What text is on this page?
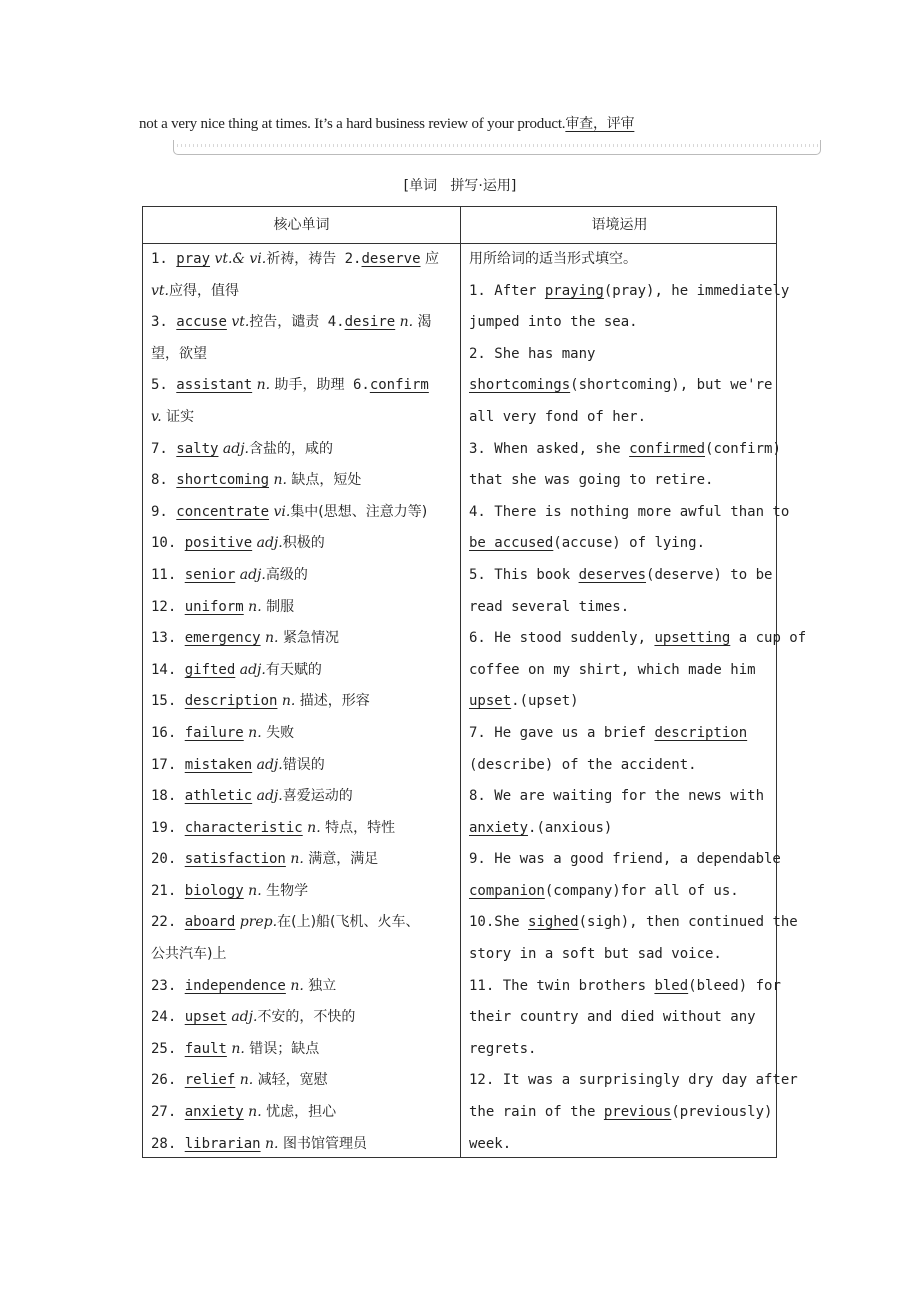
not a very nice thing at times. It’s a hard business review of your product.审查，评审
[单词   拼写·运用]
核心单词	语境运用
1. pray vt.& vi.祈祷，祷告 2.deserve 应
vt.应得，值得
3. accuse vt.控告，谴责 4.desire n. 渴
望，欲望
5. assistant n. 助手，助理 6.confirm
v. 证实
7. salty adj.含盐的，咸的
8. shortcoming n. 缺点，短处
9. concentrate vi.集中(思想、注意力等)
10. positive adj.积极的
11. senior adj.高级的
12. uniform n. 制服
13. emergency n. 紧急情况
14. gifted adj.有天赋的
15. description n. 描述，形容
16. failure n. 失败
17. mistaken adj.错误的
18. athletic adj.喜爱运动的
19. characteristic n. 特点，特性
20. satisfaction n. 满意，满足
21. biology n. 生物学
22. aboard prep.在(上)船(飞机、火车、
公共汽车)上
23. independence n. 独立
24. upset adj.不安的，不快的
25. fault n. 错误；缺点
26. relief n. 减轻，宽慰
27. anxiety n. 忧虑，担心
28. librarian n. 图书馆管理员
用所给词的适当形式填空。
1. After praying(pray), he immediately
jumped into the sea.
2. She has many
shortcomings(shortcoming), but we're
all very fond of her.
3. When asked, she confirmed(confirm)
that she was going to retire.
4. There is nothing more awful than to
be accused(accuse) of lying.
5. This book deserves(deserve) to be
read several times.
6. He stood suddenly, upsetting a cup of
coffee on my shirt, which made him
upset.(upset)
7. He gave us a brief description
(describe) of the accident.
8. We are waiting for the news with
anxiety.(anxious)
9. He was a good friend, a dependable
companion(company)for all of us.
10.She sighed(sigh), then continued the
story in a soft but sad voice.
11. The twin brothers bled(bleed) for
their country and died without any
regrets.
12. It was a surprisingly dry day after
the rain of the previous(previously)
week.
